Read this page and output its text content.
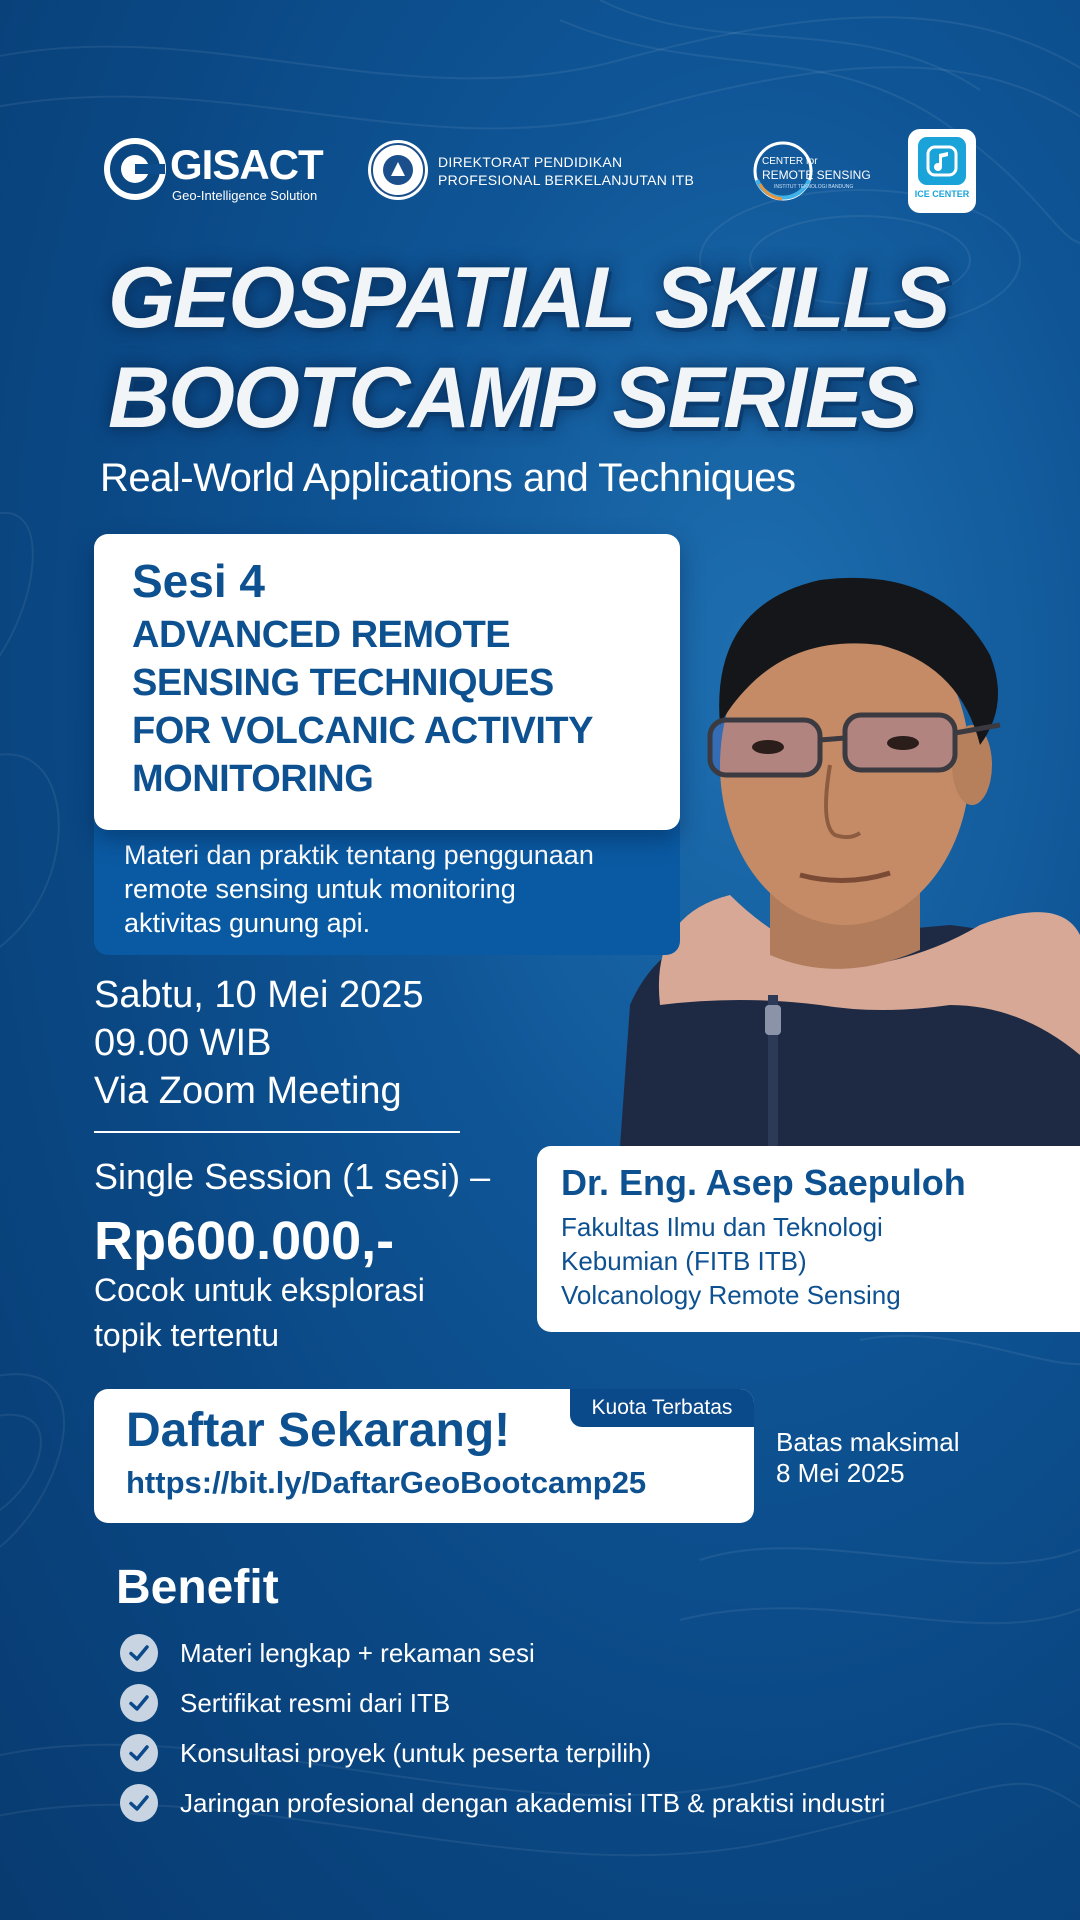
GISACT
Geo-Intelligence Solution
DIREKTORAT PENDIDIKAN
PROFESIONAL BERKELANJUTAN ITB
CENTER for
REMOTE SENSING
INSTITUT TEKNOLOGI BANDUNG
ICE CENTER
GEOSPATIAL SKILLS
BOOTCAMP SERIES
Real-World Applications and Techniques
Sesi 4
ADVANCED REMOTE
SENSING TECHNIQUES
FOR VOLCANIC ACTIVITY
MONITORING
Materi dan praktik tentang penggunaan
remote sensing untuk monitoring
aktivitas gunung api.
Sabtu, 10 Mei 2025
09.00 WIB
Via Zoom Meeting
Single Session (1 sesi) –
Rp600.000,-
Cocok untuk eksplorasi
topik tertentu
Dr. Eng. Asep Saepuloh
Fakultas Ilmu dan Teknologi
Kebumian (FITB ITB)
Volcanology Remote Sensing
Daftar Sekarang!
https://bit.ly/DaftarGeoBootcamp25
Kuota Terbatas
Batas maksimal
8 Mei 2025
Benefit
Materi lengkap + rekaman sesi
Sertifikat resmi dari ITB
Konsultasi proyek (untuk peserta terpilih)
Jaringan profesional dengan akademisi ITB & praktisi industri
